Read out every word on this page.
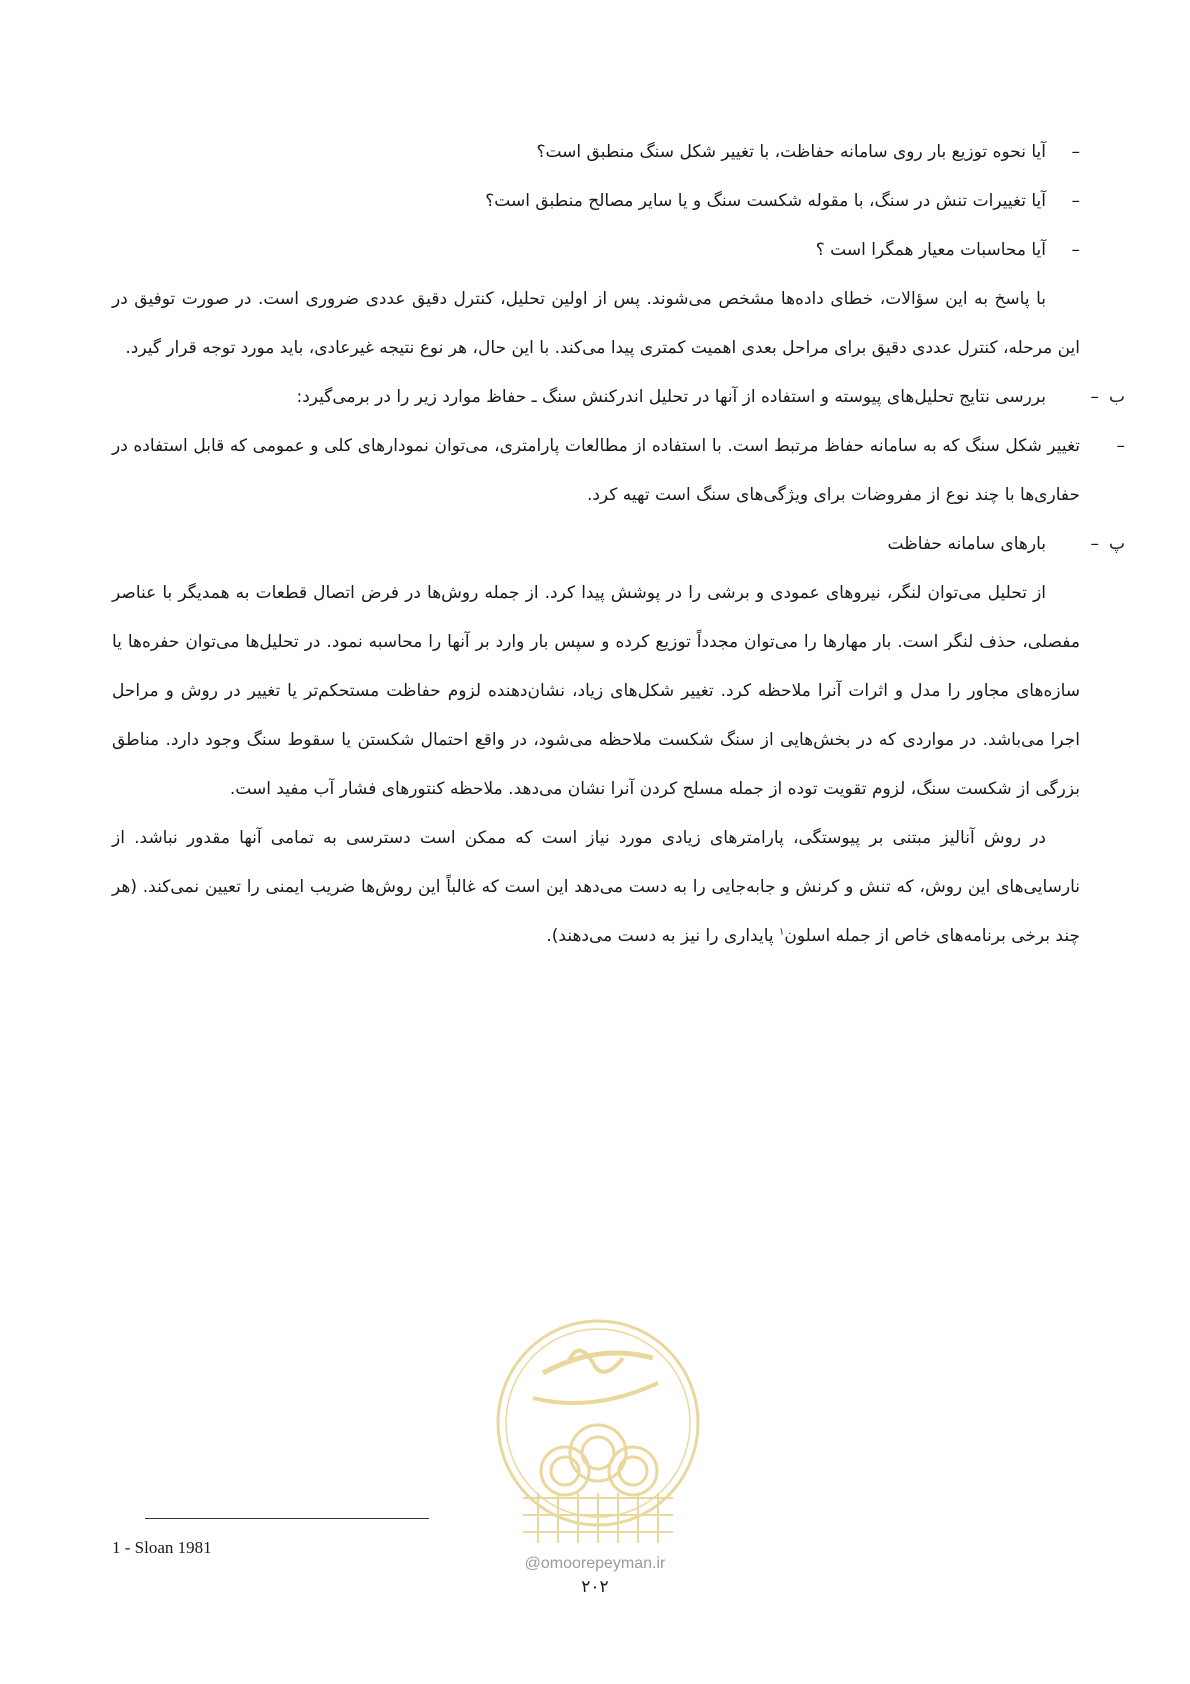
–
آیا نحوه توزیع بار روی سامانه حفاظت، با تغییر شکل سنگ منطبق است؟

–
آیا تغییرات تنش در سنگ، با مقوله شکست سنگ و یا سایر مصالح منطبق است؟

–
آیا محاسبات معیار همگرا است ؟

با پاسخ به این سؤالات، خطای داده‌ها مشخص می‌شوند. پس از اولین تحلیل، کنترل دقیق عددی ضروری است. در صورت توفیق در این مرحله، کنترل عددی دقیق برای مراحل بعدی اهمیت کمتری پیدا می‌کند. با این حال، هر نوع نتیجه غیرعادی، باید مورد توجه قرار گیرد.

ب
–
بررسی نتایج تحلیل‌های پیوسته و استفاده از آنها در تحلیل اندرکنش سنگ ـ حفاظ موارد زیر را در برمی‌گیرد:

–
تغییر شکل سنگ که به سامانه حفاظ مرتبط است. با استفاده از مطالعات پارامتری، می‌توان نمودارهای کلی و عمومی که قابل استفاده در حفاری‌ها با چند نوع از مفروضات برای ویژگی‌های سنگ است تهیه کرد.

پ
–
بارهای سامانه حفاظت

از تحلیل می‌توان لنگر، نیروهای عمودی و برشی را در پوشش پیدا کرد. از جمله روش‌ها در فرض اتصال قطعات به همدیگر با عناصر مفصلی، حذف لنگر است. بار مهارها را می‌توان مجدداً توزیع کرده و سپس بار وارد بر آنها را محاسبه نمود. در تحلیل‌ها می‌توان حفره‌ها یا سازه‌های مجاور را مدل و اثرات آنرا ملاحظه کرد. تغییر شکل‌های زیاد، نشان‌دهنده لزوم حفاظت مستحکم‌تر یا تغییر در روش و مراحل اجرا می‌باشد. در مواردی که در بخش‌هایی از سنگ شکست ملاحظه می‌شود، در واقع احتمال شکستن یا سقوط سنگ وجود دارد. مناطق بزرگی از شکست سنگ، لزوم تقویت توده از جمله مسلح کردن آنرا نشان می‌دهد. ملاحظه کنتورهای فشار آب مفید است.

در روش آنالیز مبتنی بر پیوستگی، پارامترهای زیادی مورد نیاز است که ممکن است دسترسی به تمامی آنها مقدور نباشد. از نارسایی‌های این روش، که تنش و کرنش و جابه‌جایی را به دست می‌دهد این است که غالباً این روش‌ها ضریب ایمنی را تعیین نمی‌کند. (هر چند برخی برنامه‌های خاص از جمله اسلون$^۱$ پایداری را نیز به دست می‌دهند).

@omoorepeyman.ir
1 - Sloan 1981
۲۰۲
